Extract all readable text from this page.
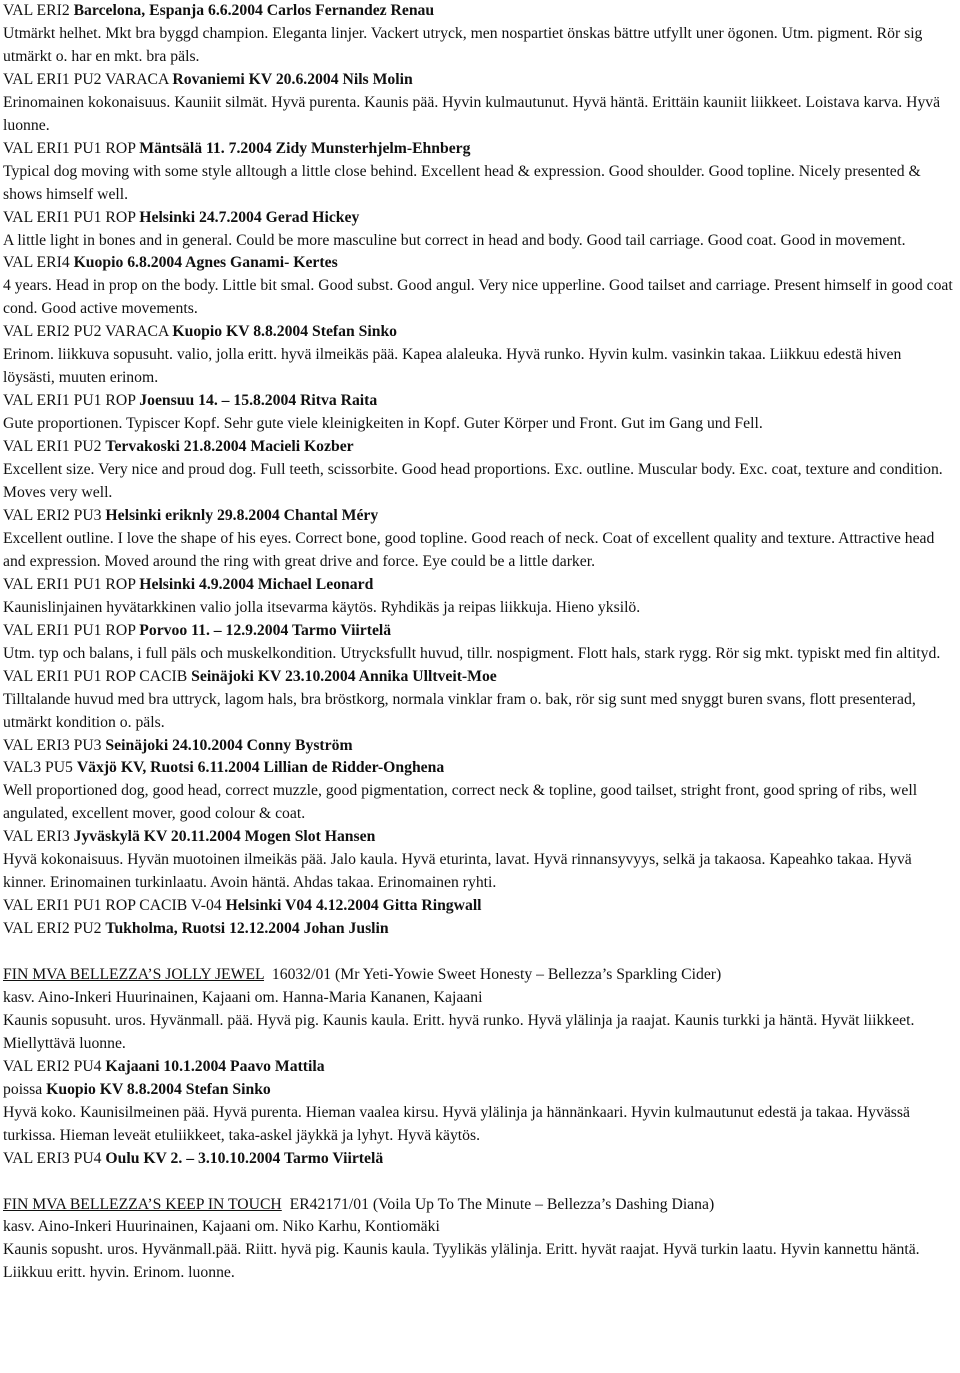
VAL ERI2 Barcelona, Espanja 6.6.2004 Carlos Fernandez Renau
Utmärkt helhet. Mkt bra byggd champion. Eleganta linjer. Vackert utryck, men nospartiet önskas bättre utfyllt uner ögonen. Utm. pigment. Rör sig utmärkt o. har en mkt. bra päls.
VAL ERI1 PU2 VARACA Rovaniemi KV 20.6.2004 Nils Molin
Erinomainen kokonaisuus. Kauniit silmät. Hyvä purenta. Kaunis pää. Hyvin kulmautunut. Hyvä häntä. Erittäin kauniit liikkeet. Loistava karva. Hyvä luonne.
VAL ERI1 PU1 ROP Mäntsälä 11. 7.2004 Zidy Munsterhjelm-Ehnberg
Typical dog moving with some style alltough a little close behind. Excellent head & expression. Good shoulder. Good topline. Nicely presented & shows himself well.
VAL ERI1 PU1 ROP Helsinki 24.7.2004 Gerad Hickey
A little light in bones and in general. Could be more masculine but correct in head and body. Good tail carriage. Good coat. Good in movement.
VAL ERI4 Kuopio 6.8.2004 Agnes Ganami- Kertes
4 years. Head in prop on the body. Little bit smal. Good subst. Good angul. Very nice upperline. Good tailset and carriage. Present himself in good coat cond. Good active movements.
VAL ERI2 PU2 VARACA Kuopio KV 8.8.2004 Stefan Sinko
Erinom. liikkuva sopusuht. valio, jolla eritt. hyvä ilmeikäs pää. Kapea alaleuka. Hyvä runko. Hyvin kulm. vasinkin takaa. Liikkuu edestä hiven löysästi, muuten erinom.
VAL ERI1 PU1 ROP Joensuu 14. – 15.8.2004 Ritva Raita
Gute proportionen. Typiscer Kopf. Sehr gute viele kleinigkeiten in Kopf. Guter Körper und Front. Gut im Gang und Fell.
VAL ERI1 PU2 Tervakoski 21.8.2004 Macieli Kozber
Excellent size. Very nice and proud dog. Full teeth, scissorbite. Good head proportions. Exc. outline. Muscular body. Exc. coat, texture and condition. Moves very well.
VAL ERI2 PU3 Helsinki eriknly 29.8.2004 Chantal Méry
Excellent outline. I love the shape of his eyes. Correct bone, good topline. Good reach of neck. Coat of excellent quality and texture. Attractive head and expression. Moved around the ring with great drive and force. Eye could be a little darker.
VAL ERI1 PU1 ROP Helsinki 4.9.2004 Michael Leonard
Kaunislinjainen hyvätarkkinen valio jolla itsevarma käytös. Ryhdikäs ja reipas liikkuja. Hieno yksilö.
VAL ERI1 PU1 ROP Porvoo 11. – 12.9.2004 Tarmo Viirtelä
Utm. typ och balans, i full päls och muskelkondition. Utrycksfullt huvud, tillr. nospigment. Flott hals, stark rygg. Rör sig mkt. typiskt med fin altityd.
VAL ERI1 PU1 ROP CACIB Seinäjoki KV 23.10.2004 Annika Ulltveit-Moe
Tilltalande huvud med bra uttryck, lagom hals, bra bröstkorg, normala vinklar fram o. bak, rör sig sunt med snyggt buren svans, flott presenterad, utmärkt kondition o. päls.
VAL ERI3 PU3 Seinäjoki 24.10.2004 Conny Byström
VAL3 PU5 Växjö KV, Ruotsi 6.11.2004 Lillian de Ridder-Onghena
Well proportioned dog, good head, correct muzzle, good pigmentation, correct neck & topline, good tailset, stright front, good spring of ribs, well angulated, excellent mover, good colour & coat.
VAL ERI3 Jyväskylä KV 20.11.2004 Mogen Slot Hansen
Hyvä kokonaisuus. Hyvän muotoinen ilmeikäs pää. Jalo kaula. Hyvä eturinta, lavat. Hyvä rinnansyvyys, selkä ja takaosa. Kapeahko takaa. Hyvä kinner. Erinomainen turkinlaatu. Avoin häntä. Ahdas takaa. Erinomainen ryhti.
VAL ERI1 PU1 ROP CACIB V-04 Helsinki V04 4.12.2004 Gitta Ringwall
VAL ERI2 PU2 Tukholma, Ruotsi 12.12.2004 Johan Juslin
FIN MVA BELLEZZA’S JOLLY JEWEL  16032/01 (Mr Yeti-Yowie Sweet Honesty – Bellezza’s Sparkling Cider)
kasv. Aino-Inkeri Huurinainen, Kajaani om. Hanna-Maria Kananen, Kajaani
Kaunis sopusuht. uros. Hyvänmall. pää. Hyvä pig. Kaunis kaula. Eritt. hyvä runko. Hyvä ylälinja ja raajat. Kaunis turkki ja häntä. Hyvät liikkeet. Miellyttävä luonne.
VAL ERI2 PU4 Kajaani 10.1.2004 Paavo Mattila
poissa Kuopio KV 8.8.2004 Stefan Sinko
Hyvä koko. Kaunisilmeinen pää. Hyvä purenta. Hieman vaalea kirsu. Hyvä ylälinja ja hännänkaari. Hyvin kulmautunut edestä ja takaa. Hyvässä turkissa. Hieman leveät etuliikkeet, taka-askel jäykkä ja lyhyt. Hyvä käytös.
VAL ERI3 PU4 Oulu KV 2. – 3.10.10.2004 Tarmo Viirtelä
FIN MVA BELLEZZA’S KEEP IN TOUCH  ER42171/01 (Voila Up To The Minute – Bellezza’s Dashing Diana)
kasv. Aino-Inkeri Huurinainen, Kajaani om. Niko Karhu, Kontiomäki
Kaunis sopusht. uros. Hyvänmall.pää. Riitt. hyvä pig. Kaunis kaula. Tyylikäs ylälinja. Eritt. hyvät raajat. Hyvä turkin laatu. Hyvin kannettu häntä. Liikkuu eritt. hyvin. Erinom. luonne.
